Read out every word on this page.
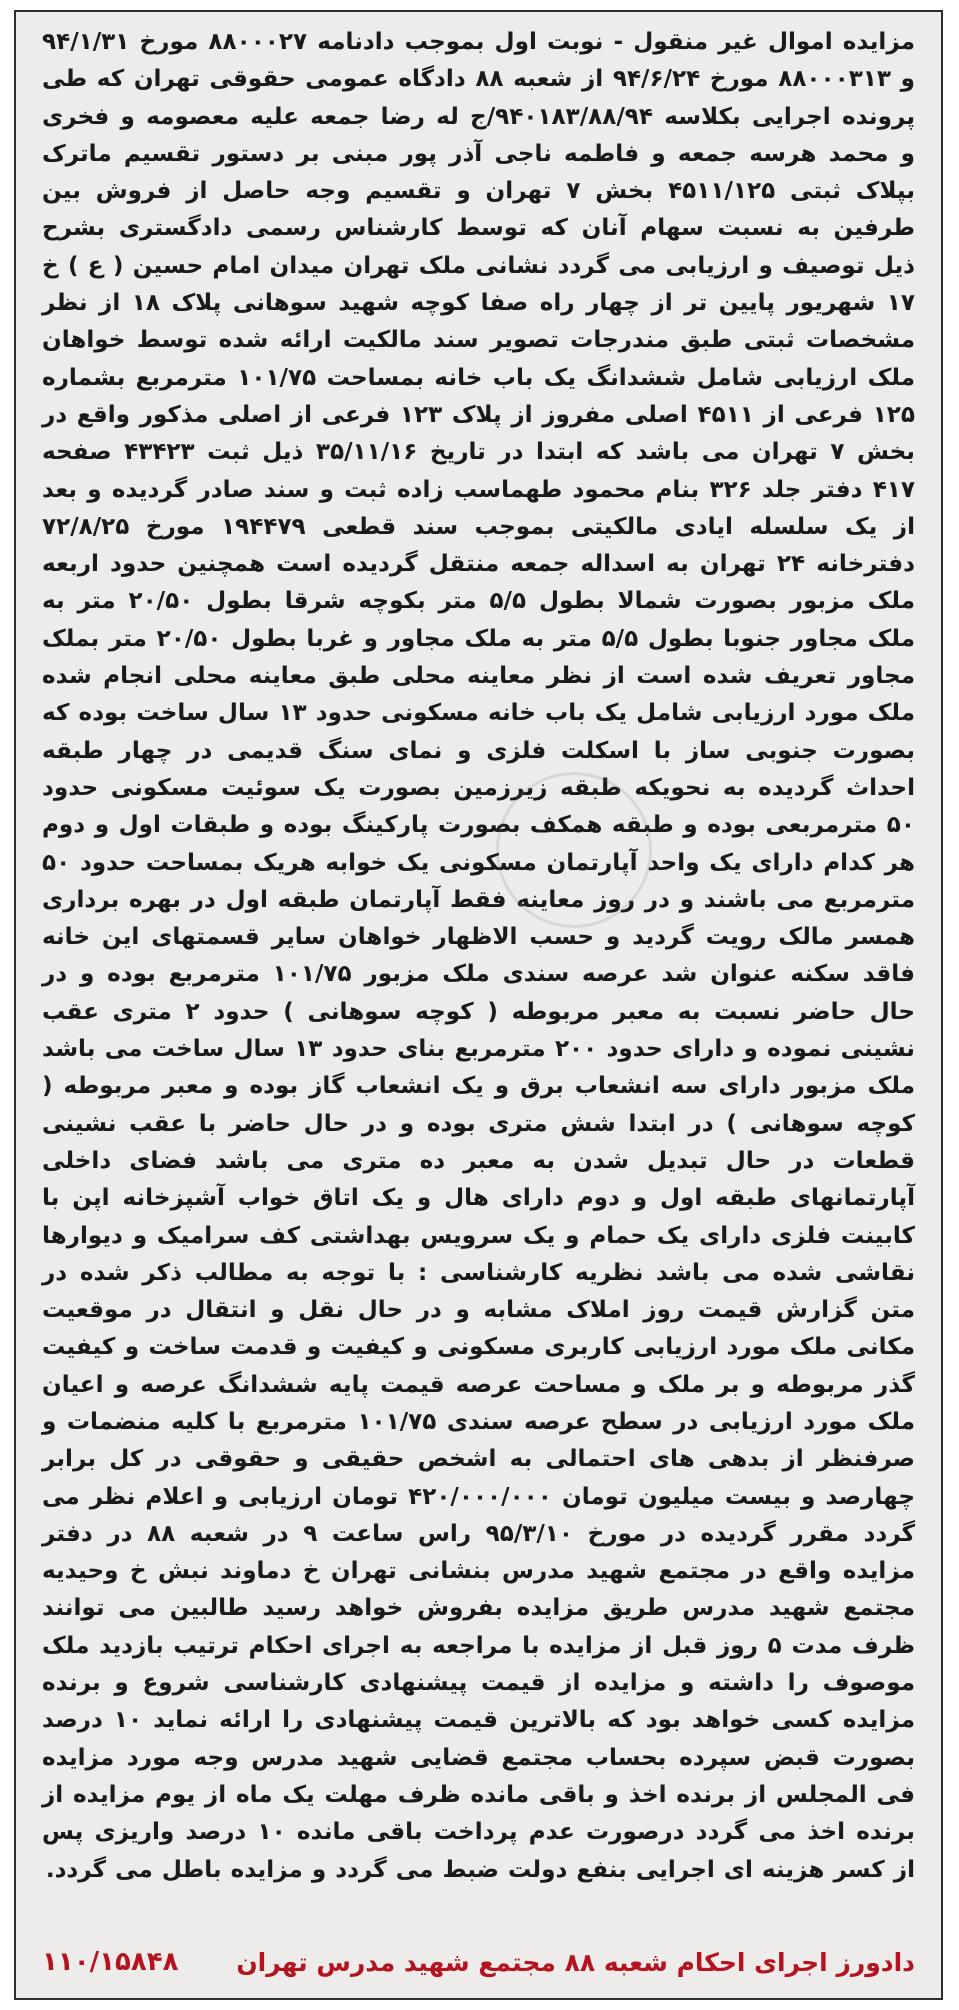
مزایده اموال غیر منقول - نوبت اول بموجب دادنامه ۸۸۰۰۰۲۷ مورخ ۹۴/۱/۳۱ و ۸۸۰۰۰۳۱۳ مورخ ۹۴/۶/۲۴ از شعبه ۸۸ دادگاه عمومی حقوقی تهران که طی پرونده اجرایی بکلاسه ۹۴۰۱۸۳/۸۸/۹۴/ج له رضا جمعه علیه معصومه و فخری و محمد هرسه جمعه و فاطمه ناجی آذر پور مبنی بر دستور تقسیم ماترک بپلاک ثبتی ۴۵۱۱/۱۲۵ بخش ۷ تهران و تقسیم وجه حاصل از فروش بین طرفین به نسبت سهام آنان که توسط کارشناس رسمی دادگستری بشرح ذیل توصیف و ارزیابی می گردد نشانی ملک تهران میدان امام حسین ( ع ) خ ۱۷ شهریور پایین تر از چهار راه صفا کوچه شهید سوهانی پلاک ۱۸ از نظر مشخصات ثبتی طبق مندرجات تصویر سند مالکیت ارائه شده توسط خواهان ملک ارزیابی شامل ششدانگ یک باب خانه بمساحت ۱۰۱/۷۵ مترمربع بشماره ۱۲۵ فرعی از ۴۵۱۱ اصلی مفروز از پلاک ۱۲۳ فرعی از اصلی مذکور واقع در بخش ۷ تهران می باشد که ابتدا در تاریخ ۳۵/۱۱/۱۶ ذیل ثبت ۴۳۴۲۳ صفحه ۴۱۷ دفتر جلد ۳۲۶ بنام محمود طهماسب زاده ثبت و سند صادر گردیده و بعد از یک سلسله ایادی مالکیتی بموجب سند قطعی ۱۹۴۴۷۹ مورخ ۷۲/۸/۲۵ دفترخانه ۲۴ تهران به اسداله جمعه منتقل گردیده است همچنین حدود اربعه ملک مزبور بصورت شمالا بطول ۵/۵ متر بکوچه شرقا بطول ۲۰/۵۰ متر به ملک مجاور جنوبا بطول ۵/۵ متر به ملک مجاور و غربا بطول ۲۰/۵۰ متر بملک مجاور تعریف شده است از نظر معاینه محلی طبق معاینه محلی انجام شده ملک مورد ارزیابی شامل یک باب خانه مسکونی حدود ۱۳ سال ساخت بوده که بصورت جنوبی ساز با اسکلت فلزی و نمای سنگ قدیمی در چهار طبقه احداث گردیده به نحویکه طبقه زیرزمین بصورت یک سوئیت مسکونی حدود ۵۰ مترمربعی بوده و طبقه همکف بصورت پارکینگ بوده و طبقات اول و دوم هر کدام دارای یک واحد آپارتمان مسکونی یک خوابه هریک بمساحت حدود ۵۰ مترمربع می باشند و در روز معاینه فقط آپارتمان طبقه اول در بهره برداری همسر مالک رویت گردید و حسب الاظهار خواهان سایر قسمتهای این خانه فاقد سکنه عنوان شد عرصه سندی ملک مزبور ۱۰۱/۷۵ مترمربع بوده و در حال حاضر نسبت به معبر مربوطه ( کوچه سوهانی ) حدود ۲ متری عقب نشینی نموده و دارای حدود ۲۰۰ مترمربع بنای حدود ۱۳ سال ساخت می باشد ملک مزبور دارای سه انشعاب برق و یک انشعاب گاز بوده و معبر مربوطه ( کوچه سوهانی ) در ابتدا شش متری بوده و در حال حاضر با عقب نشینی قطعات در حال تبدیل شدن به معبر ده متری می باشد فضای داخلی آپارتمانهای طبقه اول و دوم دارای هال و یک اتاق خواب آشپزخانه اپن با کابینت فلزی دارای یک حمام و یک سرویس بهداشتی کف سرامیک و دیوارها نقاشی شده می باشد نظریه کارشناسی : با توجه به مطالب ذکر شده در متن گزارش قیمت روز املاک مشابه و در حال نقل و انتقال در موقعیت مکانی ملک مورد ارزیابی کاربری مسکونی و کیفیت و قدمت ساخت و کیفیت گذر مربوطه و بر ملک و مساحت عرصه قیمت پایه ششدانگ عرصه و اعیان ملک مورد ارزیابی در سطح عرصه سندی ۱۰۱/۷۵ مترمربع با کلیه منضمات و صرفنظر از بدهی های احتمالی به اشخص حقیقی و حقوقی در کل برابر چهارصد و بیست میلیون تومان ۴۲۰/۰۰۰/۰۰۰ تومان ارزیابی و اعلام نظر می گردد مقرر گردیده در مورخ ۹۵/۳/۱۰ راس ساعت ۹ در شعبه ۸۸ در دفتر مزایده واقع در مجتمع شهید مدرس بنشانی تهران خ دماوند نبش خ وحیدیه مجتمع شهید مدرس طریق مزایده بفروش خواهد رسید طالبین می توانند ظرف مدت ۵ روز قبل از مزایده با مراجعه به اجرای احکام ترتیب بازدید ملک موصوف را داشته و مزایده از قیمت پیشنهادی کارشناسی شروع و برنده مزایده کسی خواهد بود که بالاترین قیمت پیشنهادی را ارائه نماید ۱۰ درصد بصورت قبض سپرده بحساب مجتمع قضایی شهید مدرس وجه مورد مزایده فی المجلس از برنده اخذ و باقی مانده ظرف مهلت یک ماه از یوم مزایده از برنده اخذ می گردد درصورت عدم پرداخت باقی مانده ۱۰ درصد واریزی پس از کسر هزینه ای اجرایی بنفع دولت ضبط می گردد و مزایده باطل می گردد.

دادورز اجرای احکام شعبه ۸۸ مجتمع شهید مدرس تهران
۱۱۰/۱۵۸۴۸
